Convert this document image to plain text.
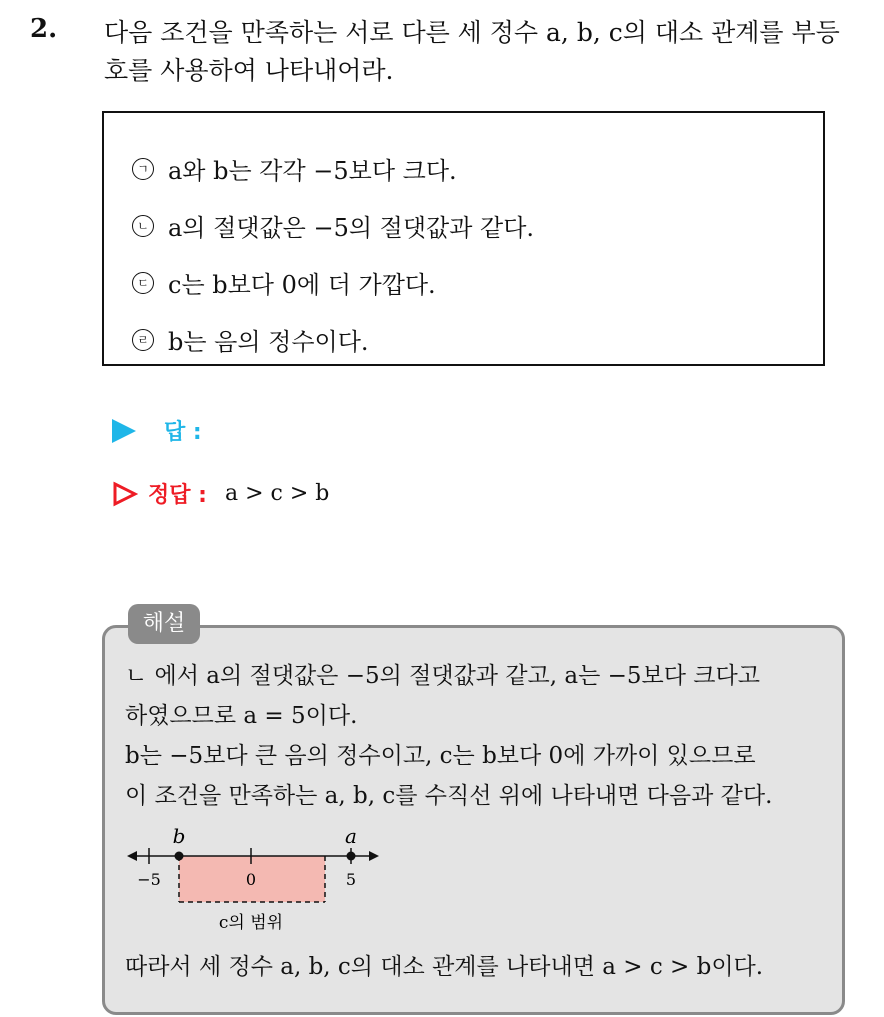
2. 다음 조건을 만족하는 서로 다른 세 정수 a, b, c의 대소 관계를 부등
호를 사용하여 나타내어라.
ㄱ a와 b는 각각 −5보다 크다.
ㄴ a의 절댓값은 −5의 절댓값과 같다.
ㄷ c는 b보다 0에 더 가깝다.
ㄹ b는 음의 정수이다.
답 :
정답 : a > c > b
ㄴ 에서 a의 절댓값은 −5의 절댓값과 같고, a는 −5보다 크다고
하였으므로 a = 5이다.
b는 −5보다 큰 음의 정수이고, c는 b보다 0에 가까이 있으므로
이 조건을 만족하는 a, b, c를 수직선 위에 나타내면 다음과 같다.
b	a
−5	0	5
c의 범위
따라서 세 정수 a, b, c의 대소 관계를 나타내면 a > c > b이다.
해설
